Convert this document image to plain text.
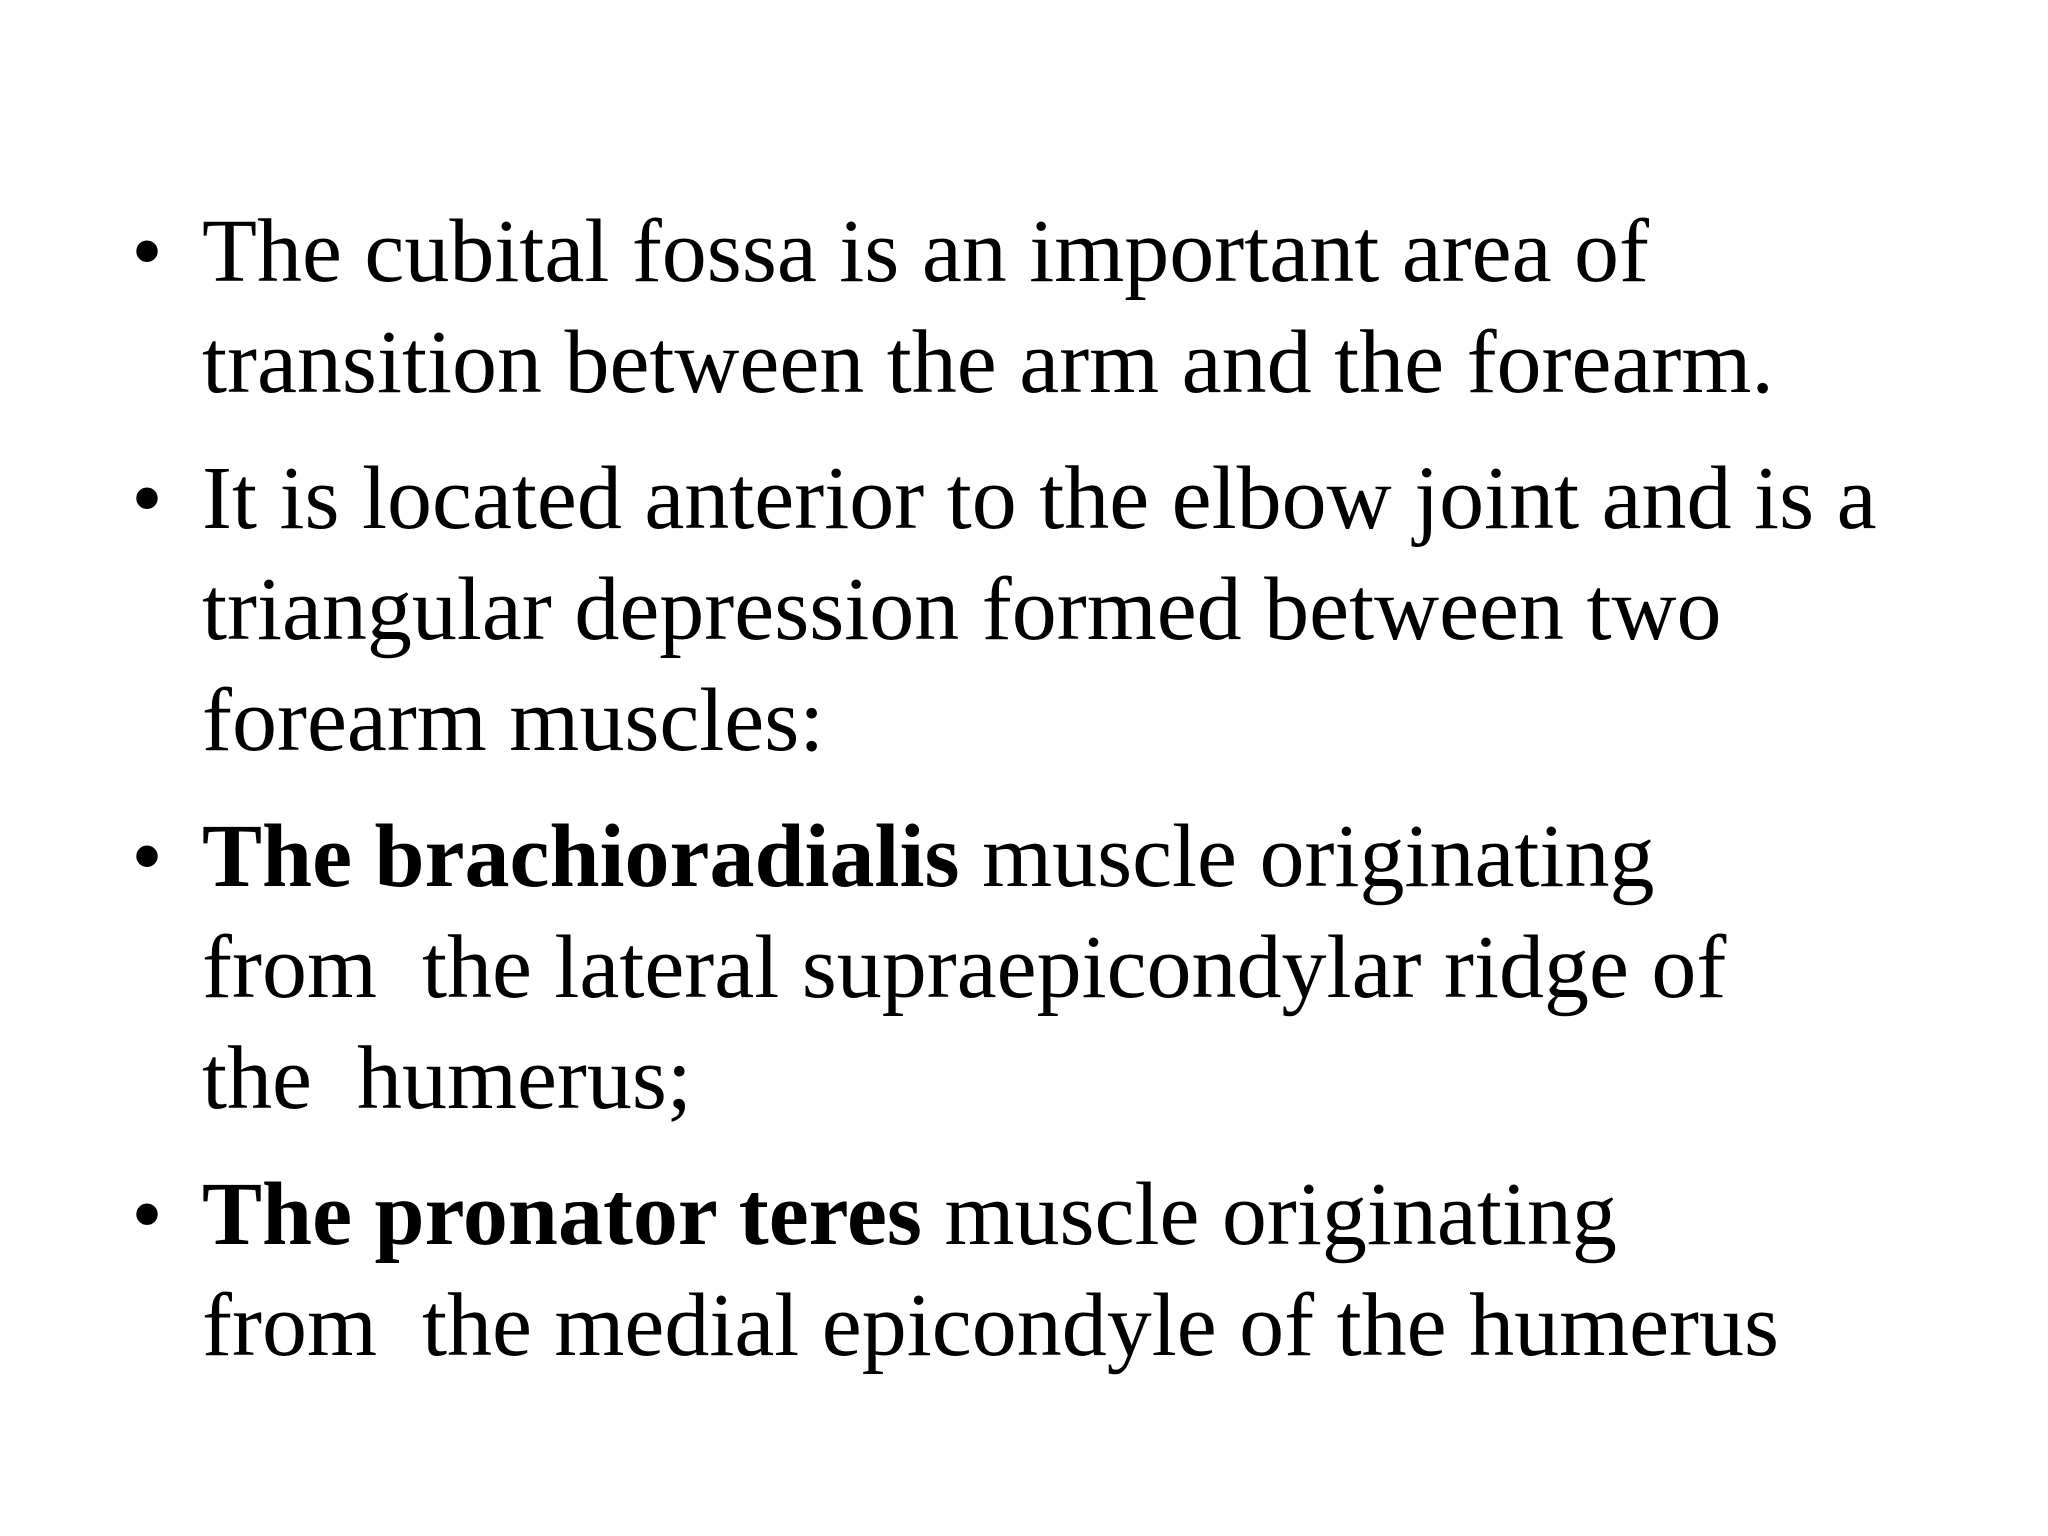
• The cubital fossa is an important area of
transition between the arm and the forearm.
• It is located anterior to the elbow joint and is a
triangular depression formed between two
forearm muscles:
• The brachioradialis muscle originating
from  the lateral supraepicondylar ridge of
the  humerus;
• The pronator teres muscle originating
from  the medial epicondyle of the humerus
